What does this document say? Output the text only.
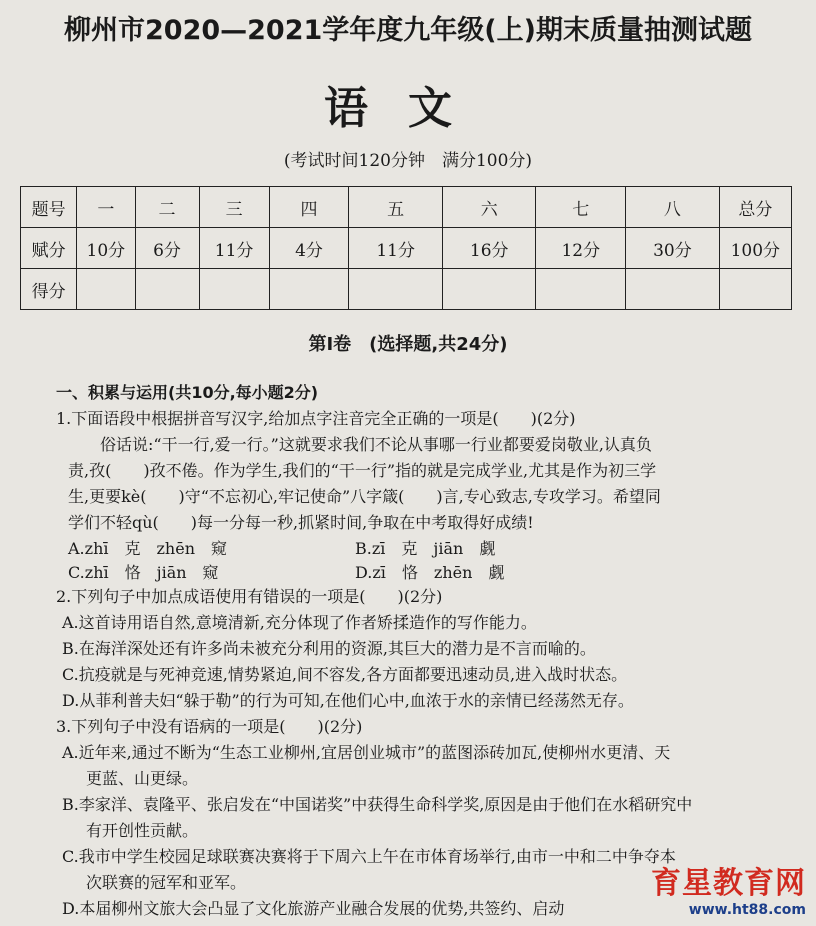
柳州市2020—2021学年度九年级(上)期末质量抽测试题
语文
(考试时间120分钟　满分100分)
题号	一	二	三	四	五	六	七	八	总分
赋分	10分	6分	11分	4分	11分	16分	12分	30分	100分
得分									
第Ⅰ卷　(选择题,共24分)
一、积累与运用(共10分,每小题2分)
1.下面语段中根据拼音写汉字,给加点字注音完全正确的一项是(　　)(2分)
俗话说:“干一行,爱一行。”这就要求我们不论从事哪一行业都要爱岗敬业,认真负
责,孜(　　)孜不倦。作为学生,我们的“干一行”指的就是完成学业,尤其是作为初三学
生,更要kè(　　)守“不忘初心,牢记使命”八字箴(　　)言,专心致志,专攻学习。希望同
学们不轻qù(　　)每一分每一秒,抓紧时间,争取在中考取得好成绩!
A.zhī　克　zhēn　窥	B.zī　克　jiān　觑
C.zhī　恪　jiān　窥	D.zī　恪　zhēn　觑
2.下列句子中加点成语使用有错误的一项是(　　)(2分)
A.这首诗用语自然,意境清新,充分体现了作者矫揉造作的写作能力。
B.在海洋深处还有许多尚未被充分利用的资源,其巨大的潜力是不言而喻的。
C.抗疫就是与死神竞速,情势紧迫,间不容发,各方面都要迅速动员,进入战时状态。
D.从菲利普夫妇“躲于勒”的行为可知,在他们心中,血浓于水的亲情已经荡然无存。
3.下列句子中没有语病的一项是(　　)(2分)
A.近年来,通过不断为“生态工业柳州,宜居创业城市”的蓝图添砖加瓦,使柳州水更清、天
更蓝、山更绿。
B.李家洋、袁隆平、张启发在“中国诺奖”中获得生命科学奖,原因是由于他们在水稻研究中
有开创性贡献。
C.我市中学生校园足球联赛决赛将于下周六上午在市体育场举行,由市一中和二中争夺本
次联赛的冠军和亚军。
D.本届柳州文旅大会凸显了文化旅游产业融合发展的优势,共签约、启动
育星教育网
www.ht88.com
